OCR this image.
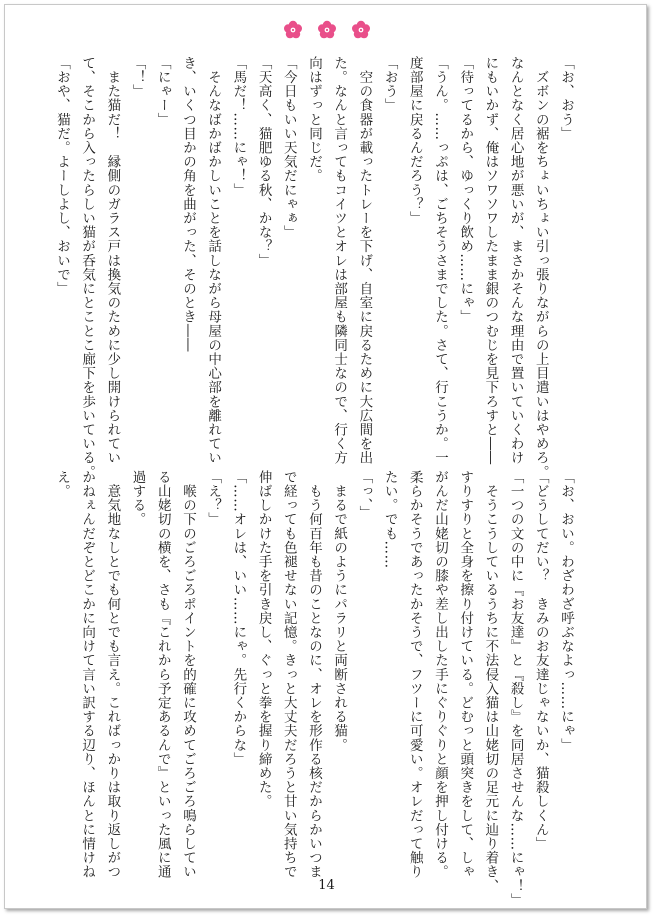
「お、おう」
　ズボンの裾をちょいちょい引っ張りながらの上目遣いはやめろ。
なんとなく居心地が悪いが、まさかそんな理由で置いていくわけ
にもいかず、俺はソワソワしたまま銀のつむじを見下ろすと――
「待ってるから、ゆっくり飲め……にゃ」
「うん。……っぷは、ごちそうさまでした。さて、行こうか。一
度部屋に戻るんだろう？」
「おう」
　空の食器が載ったトレーを下げ、自室に戻るために大広間を出
た。なんと言ってもコイツとオレは部屋も隣同士なので、行く方
向はずっと同じだ。
「今日もいい天気だにゃぁ」
「天高く、猫肥ゆる秋、かな？」
「馬だ！……にゃ！」
　そんなばかばかしいことを話しながら母屋の中心部を離れてい
き、いくつ目かの角を曲がった、そのとき――
「にゃー」
「！」
　また猫だ！　縁側のガラス戸は換気のために少し開けられてい
て、そこから入ったらしい猫が呑気にとことこ廊下を歩いている。
「おや、猫だ。よーしよし、おいで」
「お、おい。わざわざ呼ぶなよっ……にゃ」
「どうしてだい？　きみのお友達じゃないか、猫殺しくん」
「一つの文の中に『お友達』と『殺し』を同居させんな……にゃ！」
　そうこうしているうちに不法侵入猫は山姥切の足元に辿り着き、
すりすりと全身を擦り付けている。どむっと頭突きをして、しゃ
がんだ山姥切の膝や差し出した手にぐりぐりと顔を押し付ける。
柔らかそうであったかそうで、フツーに可愛い。オレだって触り
たい。でも……
「っ、」
　まるで紙のようにパラリと両断される猫。
　もう何百年も昔のことなのに、オレを形作る核だからかいつま
で経っても色褪せない記憶。きっと大丈夫だろうと甘い気持ちで
伸ばしかけた手を引き戻し、ぐっと拳を握り締めた。
「……オレは、いい……にゃ。先行くからな」
「え？」
　喉の下のごろごろポイントを的確に攻めてごろごろ鳴らしてい
る山姥切の横を、さも『これから予定あるんで』といった風に通
過する。
　意気地なしとでも何とでも言え。こればっかりは取り返しがつ
かねぇんだぞとどこかに向けて言い訳する辺り、ほんとに情けね
え。
14
